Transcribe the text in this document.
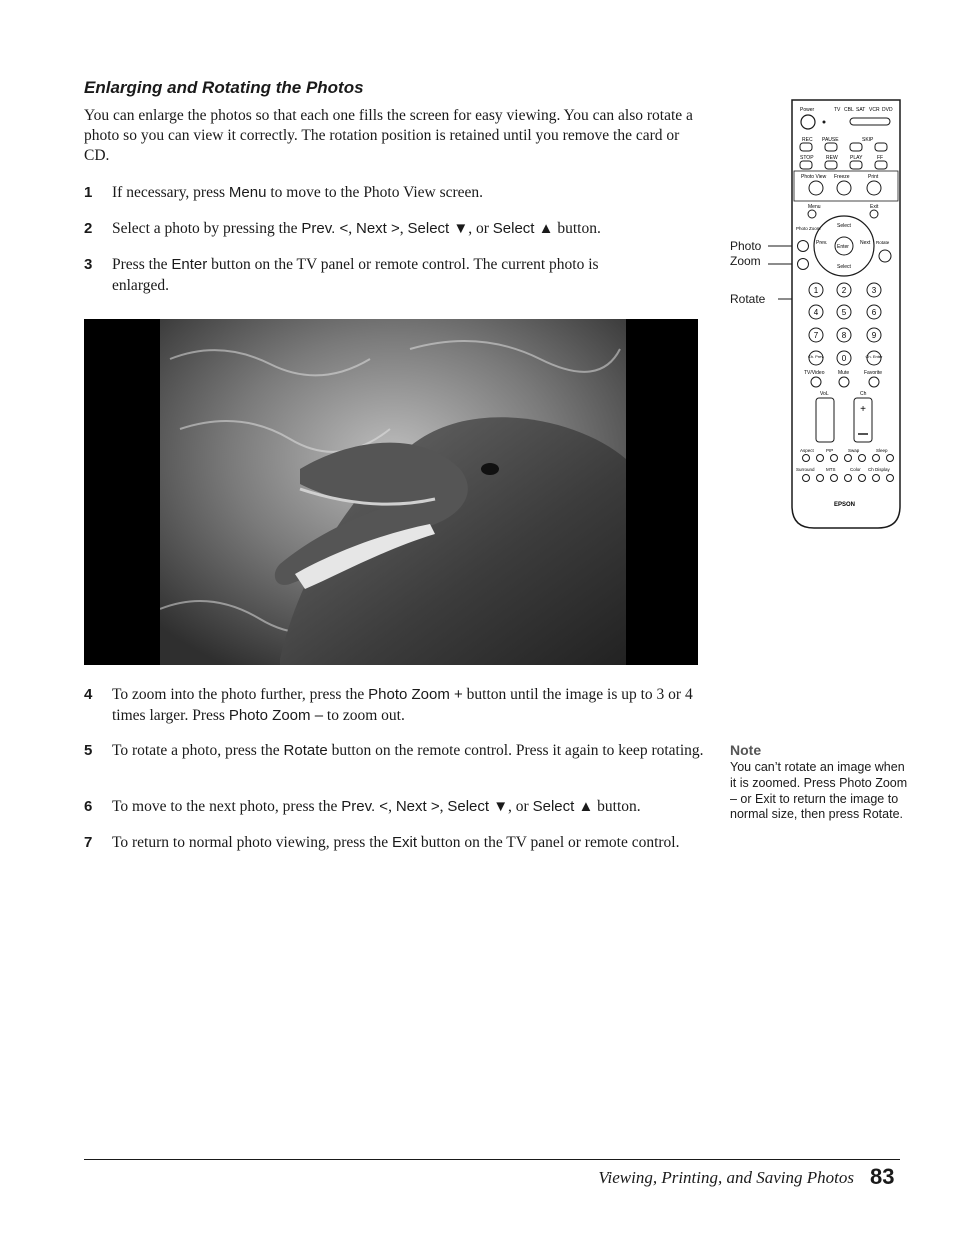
Enlarging and Rotating the Photos

You can enlarge the photos so that each one fills the screen for easy viewing. You can also rotate a photo so you can view it correctly. The rotation position is retained until you remove the card or CD.

1 If necessary, press Menu to move to the Photo View screen.
2 Select a photo by pressing the Prev. <, Next >, Select ▼, or Select ▲ button.
3 Press the Enter button on the TV panel or remote control. The current photo is enlarged.
4 To zoom into the photo further, press the Photo Zoom + button until the image is up to 3 or 4 times larger. Press Photo Zoom – to zoom out.
5 To rotate a photo, press the Rotate button on the remote control. Press it again to keep rotating.
6 To move to the next photo, press the Prev. <, Next >, Select ▼, or Select ▲ button.
7 To return to normal photo viewing, press the Exit button on the TV panel or remote control.
Photo Zoom
Rotate
Power	TV CBL SAT VCR DVD
REC PAUSE	SKIP
STOP REW PLAY	FF
Photo View Freeze	Print
Menu	Exit
Enter
Select
Select
Prev.	Next
Photo Zoom
Rotate
1	2	3
4	5	6
7	8	9
Ch. Prev. 0	Ch. Enter
TV/Video	Mute	Favorite
VoL	Ch
+
Aspect	PIP	Swap	Sleep
Surround	MTS	Color Ch Display
EPSON

Note

You can’t rotate an image when it is zoomed. Press Photo Zoom – or Exit to return the image to normal size, then press Rotate.

Viewing, Printing, and Saving Photos 83
